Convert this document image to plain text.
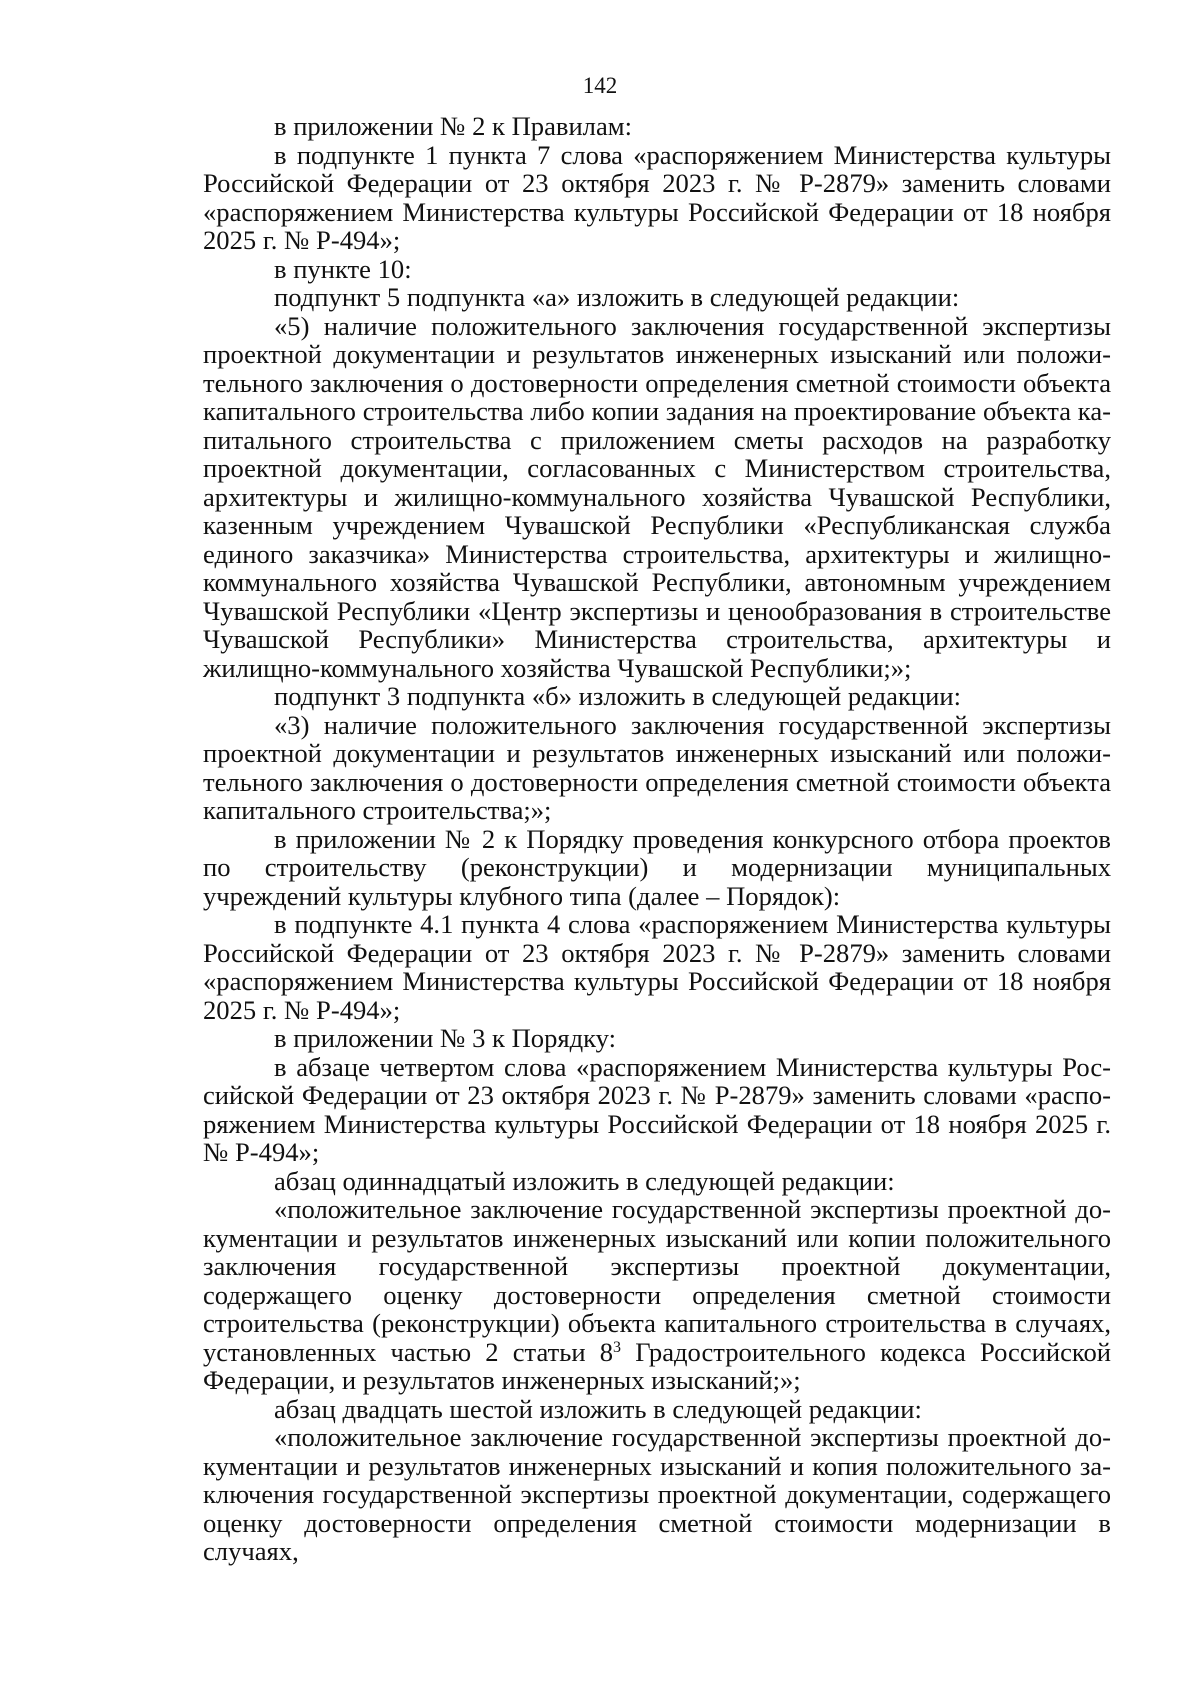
142

в приложении № 2 к Правилам:

в подпункте 1 пункта 7 слова «распоряжением Министерства культуры Российской Федерации от 23 октября 2023 г. № Р-2879» заменить словами «распоряжением Министерства культуры Российской Федерации от 18 ноября 2025 г. № Р-494»;

в пункте 10:

подпункт 5 подпункта «а» изложить в следующей редакции:

«5) наличие положительного заключения государственной экспертизы проектной документации и результатов инженерных изысканий или положительного заключения о достоверности определения сметной стоимости объекта капитального строительства либо копии задания на проектирование объекта капитального строительства с приложением сметы расходов на разработку проектной документации, согласованных с Министерством строительства, архитектуры и жилищно-коммунального хозяйства Чувашской Республики, казенным учреждением Чувашской Республики «Республиканская служба единого заказчика» Министерства строительства, архитектуры и жилищно-коммунального хозяйства Чувашской Республики, автономным учреждением Чувашской Республики «Центр экспертизы и ценообразования в строительстве Чувашской Республики» Министерства строительства, архитектуры и жилищно-коммунального хозяйства Чувашской Республики;»;

подпункт 3 подпункта «б» изложить в следующей редакции:

«3) наличие положительного заключения государственной экспертизы проектной документации и результатов инженерных изысканий или положительного заключения о достоверности определения сметной стоимости объекта капитального строительства;»;

в приложении № 2 к Порядку проведения конкурсного отбора проектов по строительству (реконструкции) и модернизации муниципальных учреждений культуры клубного типа (далее – Порядок):

в подпункте 4.1 пункта 4 слова «распоряжением Министерства культуры Российской Федерации от 23 октября 2023 г. № Р-2879» заменить словами «распоряжением Министерства культуры Российской Федерации от 18 ноября 2025 г. № Р-494»;

в приложении № 3 к Порядку:

в абзаце четвертом слова «распоряжением Министерства культуры Российской Федерации от 23 октября 2023 г. № Р-2879» заменить словами «распоряжением Министерства культуры Российской Федерации от 18 ноября 2025 г. № Р-494»;

абзац одиннадцатый изложить в следующей редакции:

«положительное заключение государственной экспертизы проектной документации и результатов инженерных изысканий или копии положительного заключения государственной экспертизы проектной документации, содержащего оценку достоверности определения сметной стоимости строительства (реконструкции) объекта капитального строительства в случаях, установленных частью 2 статьи $8^3$ Градостроительного кодекса Российской Федерации, и результатов инженерных изысканий;»;

абзац двадцать шестой изложить в следующей редакции:

«положительное заключение государственной экспертизы проектной документации и результатов инженерных изысканий и копия положительного заключения государственной экспертизы проектной документации, содержащего оценку достоверности определения сметной стоимости модернизации в случаях,
